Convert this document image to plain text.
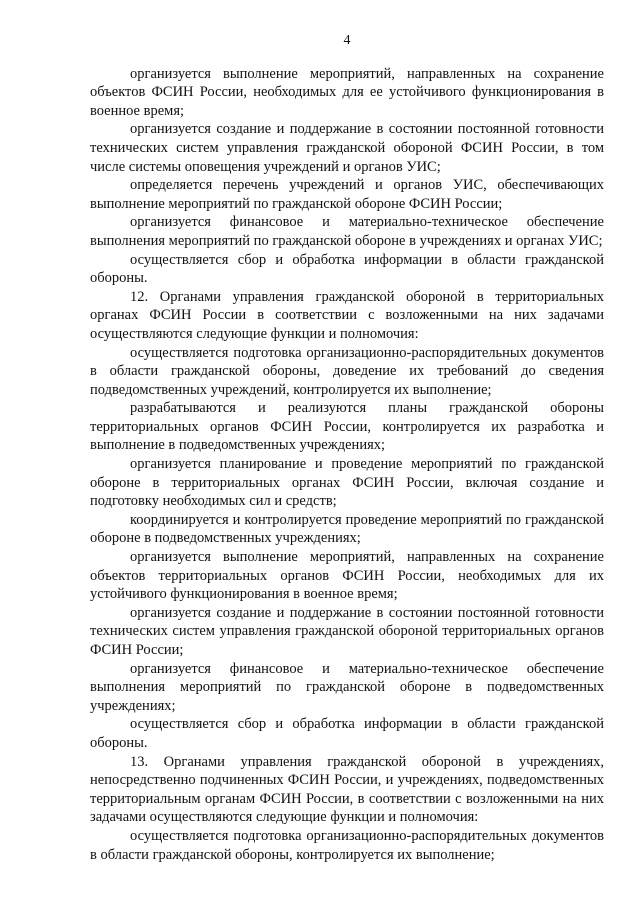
4

организуется выполнение мероприятий, направленных на сохранение объектов ФСИН России, необходимых для ее устойчивого функционирования в военное время;

организуется создание и поддержание в состоянии постоянной готовности технических систем управления гражданской обороной ФСИН России, в том числе системы оповещения учреждений и органов УИС;

определяется перечень учреждений и органов УИС, обеспечивающих выполнение мероприятий по гражданской обороне ФСИН России;

организуется финансовое и материально-техническое обеспечение выполнения мероприятий по гражданской обороне в учреждениях и органах УИС;

осуществляется сбор и обработка информации в области гражданской обороны.

12. Органами управления гражданской обороной в территориальных органах ФСИН России в соответствии с возложенными на них задачами осуществляются следующие функции и полномочия:

осуществляется подготовка организационно-распорядительных документов в области гражданской обороны, доведение их требований до сведения подведомственных учреждений, контролируется их выполнение;

разрабатываются и реализуются планы гражданской обороны территориальных органов ФСИН России, контролируется их разработка и выполнение в подведомственных учреждениях;

организуется планирование и проведение мероприятий по гражданской обороне в территориальных органах ФСИН России, включая создание и подготовку необходимых сил и средств;

координируется и контролируется проведение мероприятий по гражданской обороне в подведомственных учреждениях;

организуется выполнение мероприятий, направленных на сохранение объектов территориальных органов ФСИН России, необходимых для их устойчивого функционирования в военное время;

организуется создание и поддержание в состоянии постоянной готовности технических систем управления гражданской обороной территориальных органов ФСИН России;

организуется финансовое и материально-техническое обеспечение выполнения мероприятий по гражданской обороне в подведомственных учреждениях;

осуществляется сбор и обработка информации в области гражданской обороны.

13. Органами управления гражданской обороной в учреждениях, непосредственно подчиненных ФСИН России, и учреждениях, подведомственных территориальным органам ФСИН России, в соответствии с возложенными на них задачами осуществляются следующие функции и полномочия:

осуществляется подготовка организационно-распорядительных документов в области гражданской обороны, контролируется их выполнение;
